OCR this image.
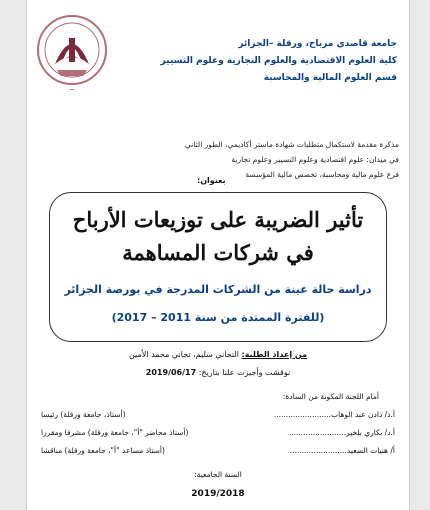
ـــ
جامعة قاصدي مرباح، ورقلة –الجزائر
كلية العلوم الاقتصادية والعلوم التجارية وعلوم التسيير
قسم العلوم المالية والمحاسبة
مذكرة مقدمة لاستكمال متطلبات شهادة ماستر أكاديمي، الطور الثاني
في ميدان: علوم اقتصادية وعلوم التسيير وعلوم تجارية
فرع علوم مالية ومحاسبة، تخصص مالية المؤسسة
بعنوان:
تأثير الضريبة على توزيعات الأرباح
في شركات المساهمة
دراسة حالة عينة من الشركات المدرجة في بورصة الجزائر
(للفترة الممتدة من سنة 2011 – 2017)
من إعداد الطلبة: التجاني سليم، تجاني محمد الأمين
نوقشت وأجيزت علنا بتاريخ: 2019/06/17
أمام اللجنة المكونة من السادة:
أ.د/ دادن عبد الوهاب........................
(أستاذ، جامعة ورقلة) رئيسا
أ.د/ بكاري بلخير........................
(أستاذ محاضر "أ"، جامعة ورقلة) مشرفا ومقررا
أ/ هنيات السعيد........................
(أستاذ مساعد "أ"، جامعة ورقلة) مناقشا
السنة الجامعية:
2019/2018
